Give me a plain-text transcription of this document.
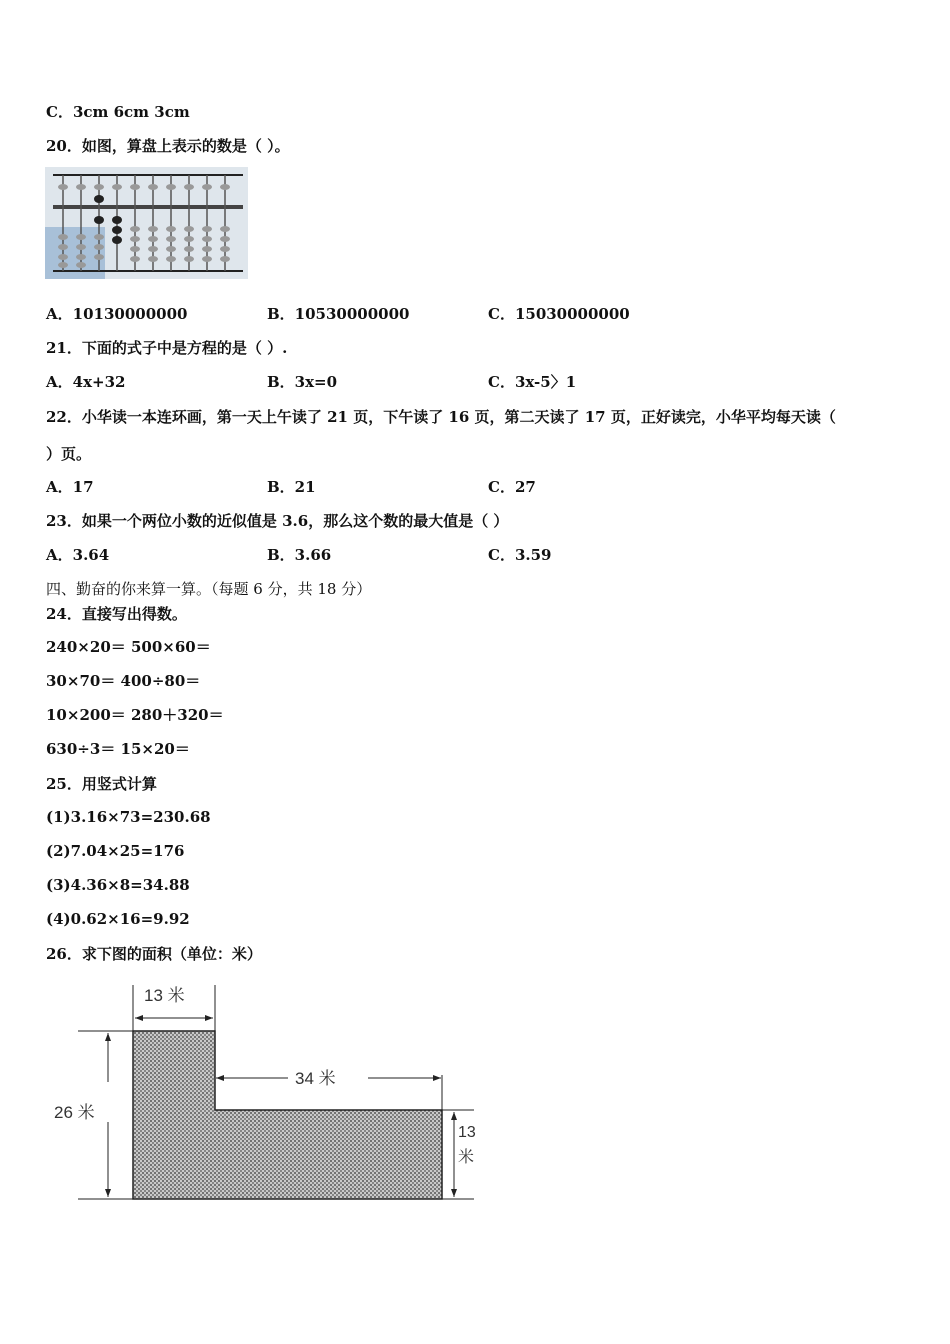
C．3cm 6cm 3cm
20．如图，算盘上表示的数是（ ）。
A．10130000000	B．10530000000	C．15030000000
21．下面的式子中是方程的是（ ）.
A．4x+32	B．3x=0	C．3x-5〉1
22．小华读一本连环画，第一天上午读了 21 页，下午读了 16 页，第二天读了 17 页，正好读完，小华平均每天读（
）页。
A．17	B．21	C．27
23．如果一个两位小数的近似值是 3.6，那么这个数的最大值是（ ）
A．3.64	B．3.66	C．3.59
四、勤奋的你来算一算。（每题 6 分，共 18 分）
24．直接写出得数。
240×20＝ 500×60＝
30×70＝ 400÷80＝
10×200＝ 280＋320＝
630÷3＝ 15×20＝
25．用竖式计算
(1)3.16×73=230.68
(2)7.04×25=176
(3)4.36×8=34.88
(4)0.62×16=9.92
26．求下图的面积（单位：米）
13 米
34 米
26 米
13
米
